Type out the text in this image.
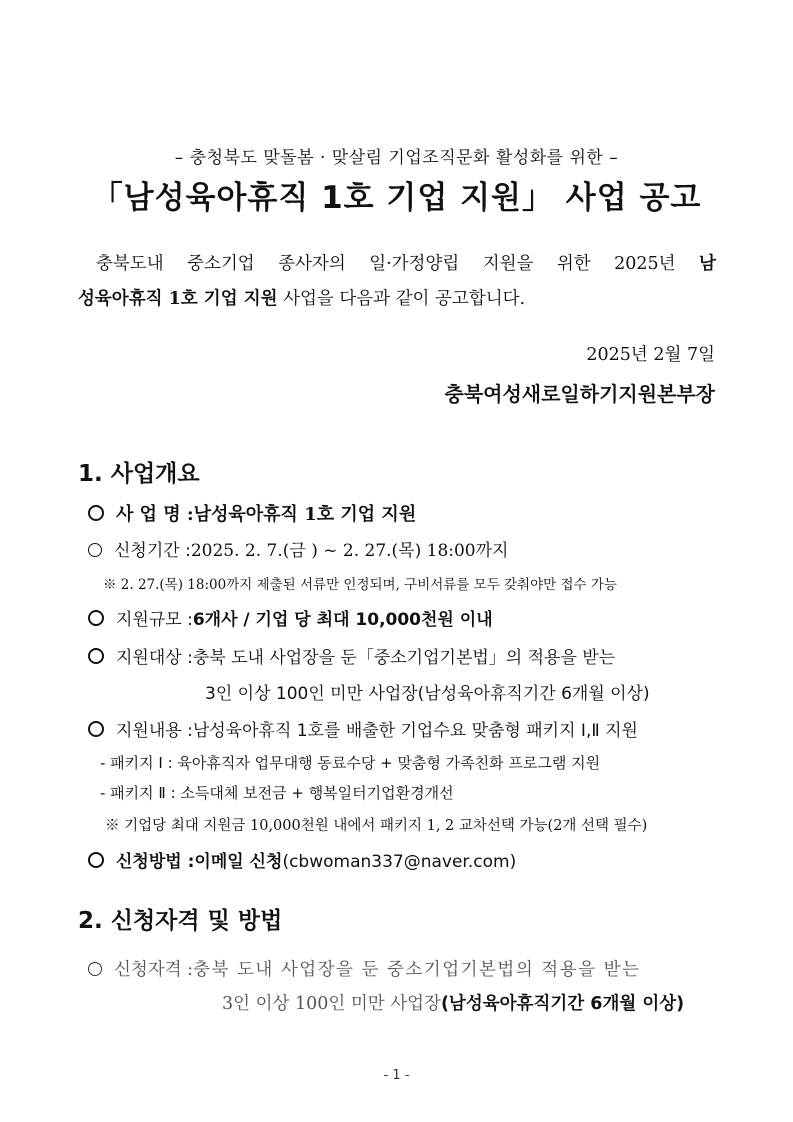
– 충청북도 맞돌봄 · 맞살림 기업조직문화 활성화를 위한 –
「남성육아휴직 1호 기업 지원」 사업 공고
충북도내 중소기업 종사자의 일·가정양립 지원을 위한 2025년 남
성육아휴직 1호 기업 지원 사업을 다음과 같이 공고합니다.
2025년 2월 7일
충북여성새로일하기지원본부장
1. 사업개요
사 업 명 : 남성육아휴직 1호 기업 지원
신청기간 : 2025. 2. 7.(금 ) ~ 2. 27.(목) 18:00까지
※ 2. 27.(목) 18:00까지 제출된 서류만 인정되며, 구비서류를 모두 갖춰야만 접수 가능
지원규모 : 6개사 / 기업 당 최대 10,000천원 이내
지원대상 : 충북 도내 사업장을 둔「중소기업기본법」의 적용을 받는
3인 이상 100인 미만 사업장(남성육아휴직기간 6개월 이상)
지원내용 : 남성육아휴직 1호를 배출한 기업수요 맞춤형 패키지 Ⅰ,Ⅱ 지원
- 패키지 Ⅰ : 육아휴직자 업무대행 동료수당 + 맞춤형 가족친화 프로그램 지원
- 패키지 Ⅱ : 소득대체 보전금 + 행복일터기업환경개선
※ 기업당 최대 지원금 10,000천원 내에서 패키지 1, 2 교차선택 가능(2개 선택 필수)
신청방법 : 이메일 신청 (cbwoman337@naver.com)
2. 신청자격 및 방법
신청자격 : 충북 도내 사업장을 둔 중소기업기본법의 적용을 받는
3인 이상 100인 미만 사업장(남성육아휴직기간 6개월 이상)
- 1 -
